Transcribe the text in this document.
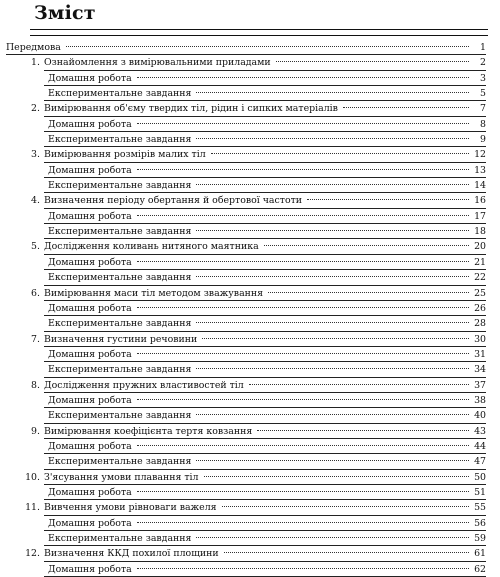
Зміст
Передмова	1
1. Ознайомлення з вимірювальними приладами	2
Домашня робота	3
Експериментальне завдання	5
2. Вимірювання об'єму твердих тіл, рідин і сипких матеріалів	7
Домашня робота	8
Експериментальне завдання	9
3. Вимірювання розмірів малих тіл	12
Домашня робота	13
Експериментальне завдання	14
4. Визначення періоду обертання й обертової частоти	16
Домашня робота	17
Експериментальне завдання	18
5. Дослідження коливань нитяного маятника	20
Домашня робота	21
Експериментальне завдання	22
6. Вимірювання маси тіл методом зважування	25
Домашня робота	26
Експериментальне завдання	28
7. Визначення густини речовини	30
Домашня робота	31
Експериментальне завдання	34
8. Дослідження пружних властивостей тіл	37
Домашня робота	38
Експериментальне завдання	40
9. Вимірювання коефіцієнта тертя ковзання	43
Домашня робота	44
Експериментальне завдання	47
10. З'ясування умови плавання тіл	50
Домашня робота	51
11. Вивчення умови рівноваги важеля	55
Домашня робота	56
Експериментальне завдання	59
12. Визначення ККД похилої площини	61
Домашня робота	62
